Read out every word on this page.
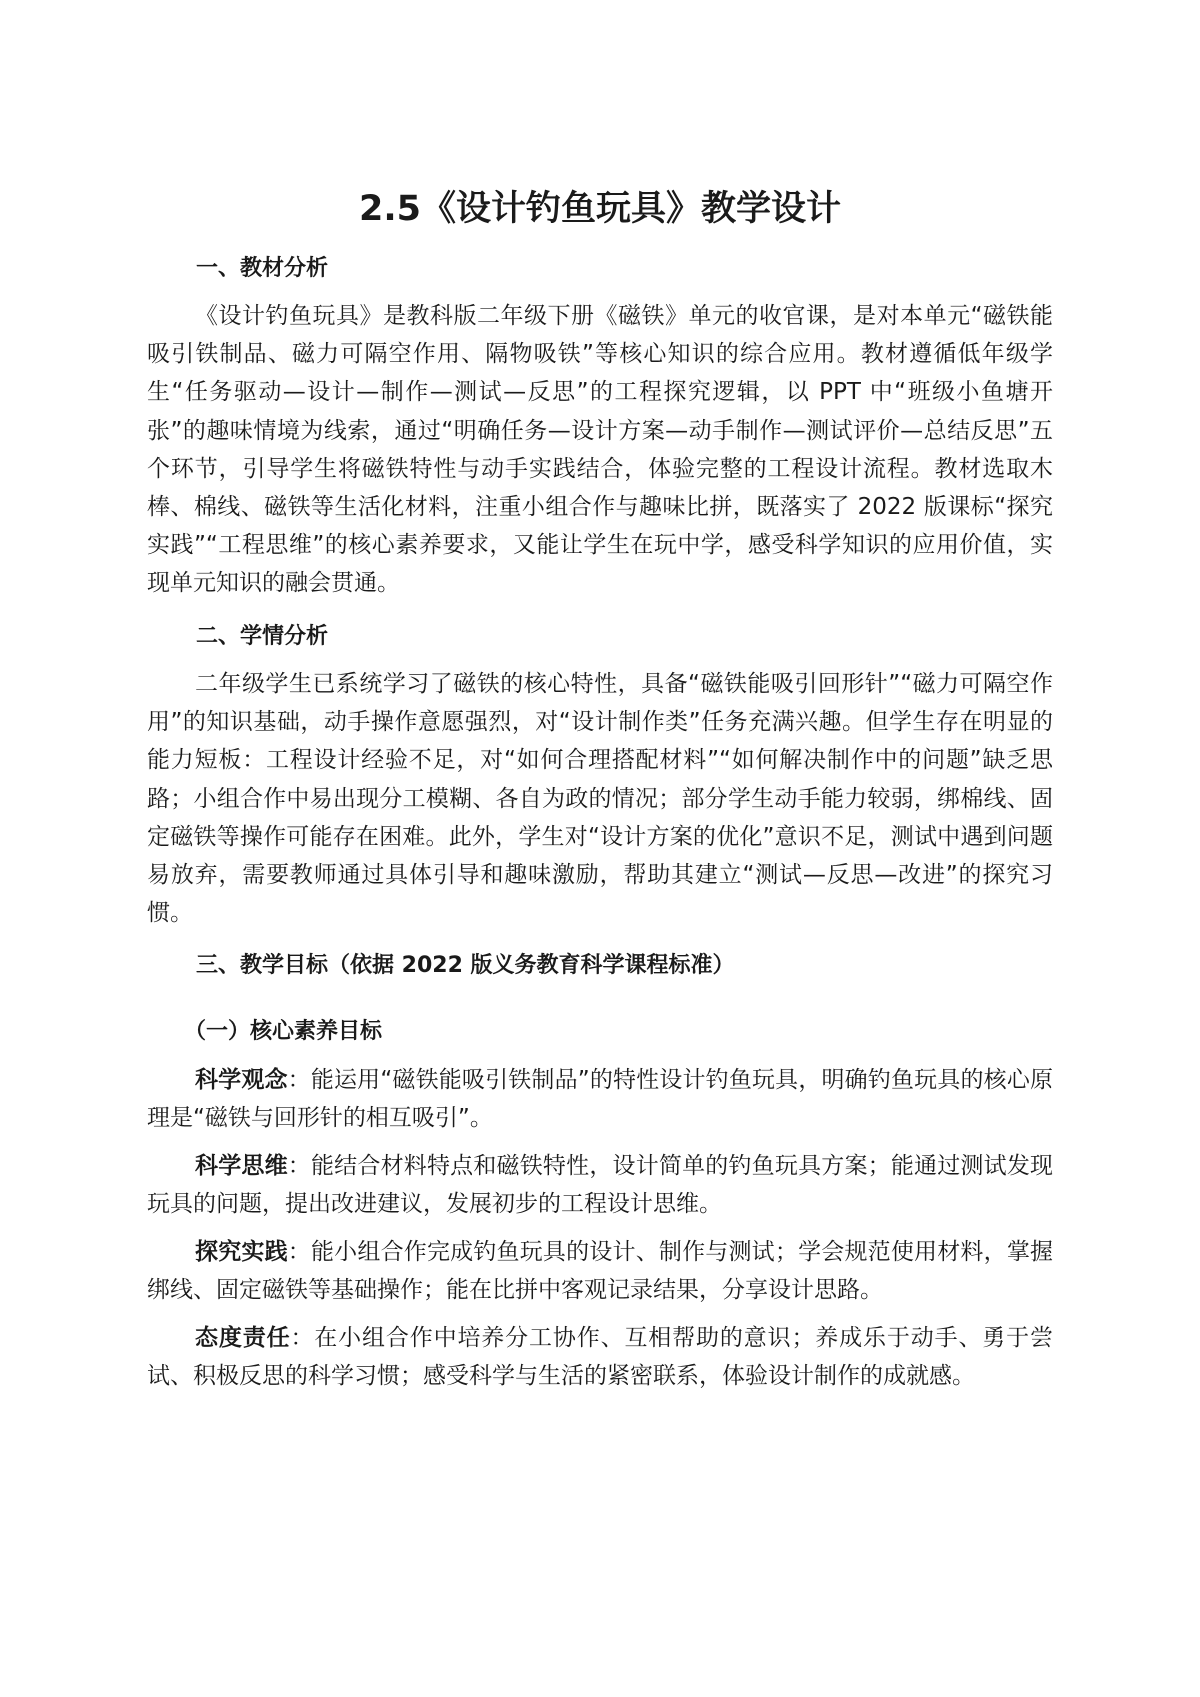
2.5《设计钓鱼玩具》教学设计
一、教材分析

《设计钓鱼玩具》是教科版二年级下册《磁铁》单元的收官课，是对本单元“磁铁能吸引铁制品、磁力可隔空作用、隔物吸铁”等核心知识的综合应用。教材遵循低年级学生“任务驱动—设计—制作—测试—反思”的工程探究逻辑，以 PPT 中“班级小鱼塘开张”的趣味情境为线索，通过“明确任务—设计方案—动手制作—测试评价—总结反思”五个环节，引导学生将磁铁特性与动手实践结合，体验完整的工程设计流程。教材选取木棒、棉线、磁铁等生活化材料，注重小组合作与趣味比拼，既落实了 2022 版课标“探究实践”“工程思维”的核心素养要求，又能让学生在玩中学，感受科学知识的应用价值，实现单元知识的融会贯通。

二、学情分析

二年级学生已系统学习了磁铁的核心特性，具备“磁铁能吸引回形针”“磁力可隔空作用”的知识基础，动手操作意愿强烈，对“设计制作类”任务充满兴趣。但学生存在明显的能力短板：工程设计经验不足，对“如何合理搭配材料”“如何解决制作中的问题”缺乏思路；小组合作中易出现分工模糊、各自为政的情况；部分学生动手能力较弱，绑棉线、固定磁铁等操作可能存在困难。此外，学生对“设计方案的优化”意识不足，测试中遇到问题易放弃，需要教师通过具体引导和趣味激励，帮助其建立“测试—反思—改进”的探究习惯。

三、教学目标（依据 2022 版义务教育科学课程标准）
（一）核心素养目标

科学观念：能运用“磁铁能吸引铁制品”的特性设计钓鱼玩具，明确钓鱼玩具的核心原理是“磁铁与回形针的相互吸引”。

科学思维：能结合材料特点和磁铁特性，设计简单的钓鱼玩具方案；能通过测试发现玩具的问题，提出改进建议，发展初步的工程设计思维。

探究实践：能小组合作完成钓鱼玩具的设计、制作与测试；学会规范使用材料，掌握绑线、固定磁铁等基础操作；能在比拼中客观记录结果，分享设计思路。

态度责任：在小组合作中培养分工协作、互相帮助的意识；养成乐于动手、勇于尝试、积极反思的科学习惯；感受科学与生活的紧密联系，体验设计制作的成就感。
